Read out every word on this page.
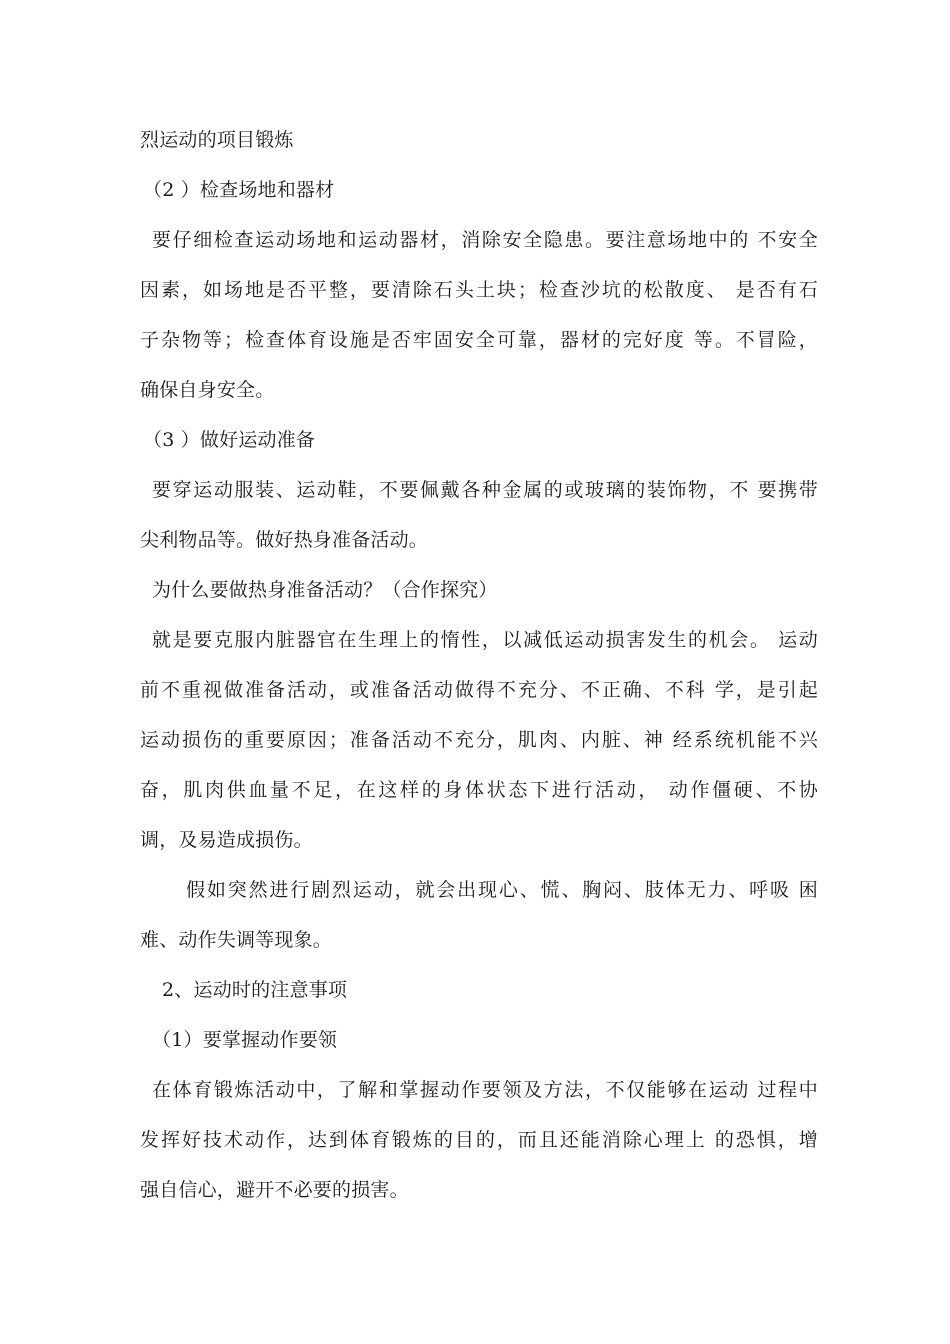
烈运动的项目锻炼
（2 ）检查场地和器材
要仔细检查运动场地和运动器材，消除安全隐患。要注意场地中的 不安全
因素，如场地是否平整，要清除石头土块；检查沙坑的松散度、 是否有石
子杂物等；检查体育设施是否牢固安全可靠，器材的完好度 等。不冒险，
确保自身安全。
（3 ）做好运动准备
要穿运动服装、运动鞋，不要佩戴各种金属的或玻璃的装饰物，不 要携带
尖利物品等。做好热身准备活动。
为什么要做热身准备活动？（合作探究）
就是要克服内脏器官在生理上的惰性，以减低运动损害发生的机会。 运动
前不重视做准备活动，或准备活动做得不充分、不正确、不科 学，是引起
运动损伤的重要原因；准备活动不充分，肌肉、内脏、神 经系统机能不兴
奋，肌肉供血量不足，在这样的身体状态下进行活动， 动作僵硬、不协
调，及易造成损伤。
假如突然进行剧烈运动，就会出现心、慌、胸闷、肢体无力、呼吸 困
难、动作失调等现象。
2、运动时的注意事项
（1）要掌握动作要领
在体育锻炼活动中，了解和掌握动作要领及方法，不仅能够在运动 过程中
发挥好技术动作，达到体育锻炼的目的，而且还能消除心理上 的恐惧，增
强自信心，避开不必要的损害。
